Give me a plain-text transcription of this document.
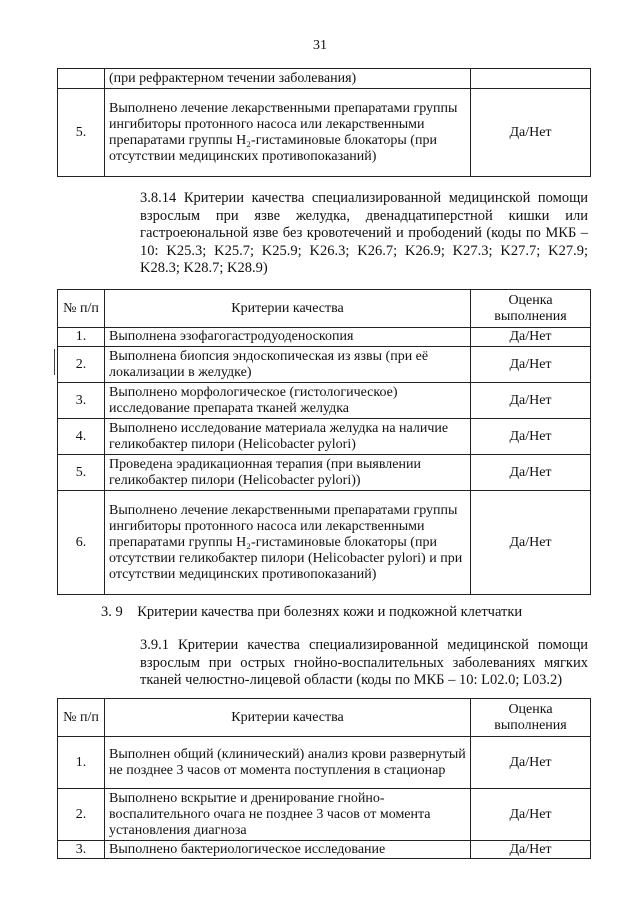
31
	(при рефрактерном течении заболевания)	
5.	Выполнено лечение лекарственными препаратами группы ингибиторы протонного насоса или лекарственными препаратами группы H₂-гистаминовые блокаторы (при отсутствии медицинских противопоказаний)	Да/Нет
3.8.14 Критерии качества специализированной медицинской помощи взрослым при язве желудка, двенадцатиперстной кишки или гастроеюнальной язве без кровотечений и прободений (коды по МКБ – 10: K25.3; K25.7; K25.9; K26.3; K26.7; K26.9; K27.3; K27.7; K27.9; K28.3; K28.7; K28.9)
№ п/п	Критерии качества	Оценка выполнения
1.	Выполнена эзофагогастродуоденоскопия	Да/Нет
2.	Выполнена биопсия эндоскопическая из язвы (при её локализации в желудке)	Да/Нет
3.	Выполнено морфологическое (гистологическое) исследование препарата тканей желудка	Да/Нет
4.	Выполнено исследование материала желудка на наличие геликобактер пилори (Helicobacter pylori)	Да/Нет
5.	Проведена эрадикационная терапия (при выявлении геликобактер пилори (Helicobacter pylori))	Да/Нет
6.	Выполнено лечение лекарственными препаратами группы ингибиторы протонного насоса или лекарственными препаратами группы H₂-гистаминовые блокаторы (при отсутствии геликобактер пилори (Helicobacter pylori) и при отсутствии медицинских противопоказаний)	Да/Нет
3. 9    Критерии качества при болезнях кожи и подкожной клетчатки
3.9.1 Критерии качества специализированной медицинской помощи взрослым при острых гнойно-воспалительных заболеваниях мягких тканей челюстно-лицевой области (коды по МКБ – 10: L02.0; L03.2)
№ п/п	Критерии качества	Оценка выполнения
1.	Выполнен общий (клинический) анализ крови развернутый не позднее 3 часов от момента поступления в стационар	Да/Нет
2.	Выполнено вскрытие и дренирование гнойно-воспалительного очага не позднее 3 часов от момента установления диагноза	Да/Нет
3.	Выполнено бактериологическое исследование	Да/Нет
